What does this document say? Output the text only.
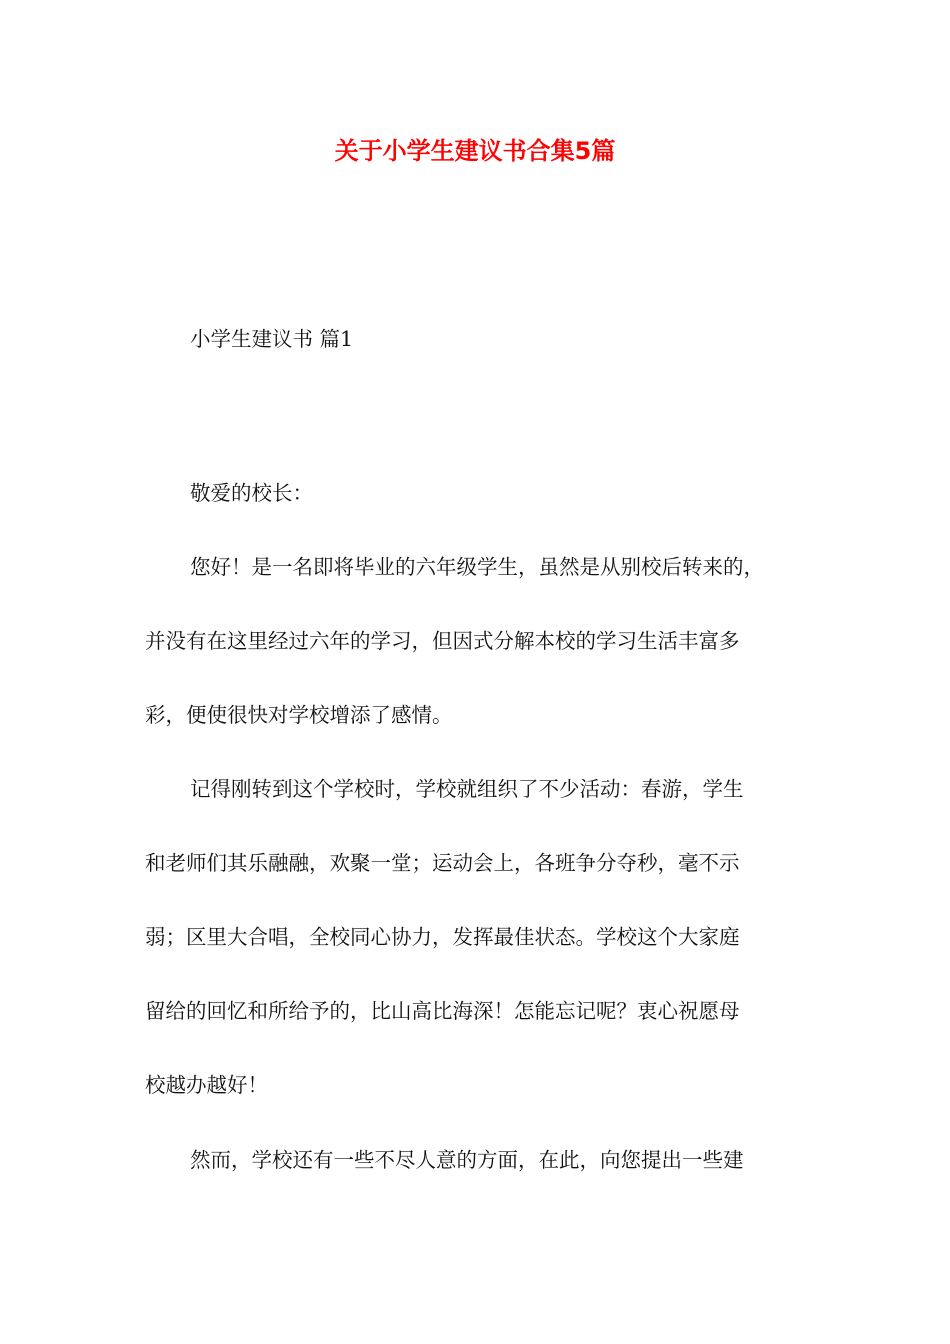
关于小学生建议书合集5篇

小学生建议书 篇1

敬爱的校长：

您好！是一名即将毕业的六年级学生，虽然是从别校后转来的，

并没有在这里经过六年的学习，但因式分解本校的学习生活丰富多

彩，便使很快对学校增添了感情。

记得刚转到这个学校时，学校就组织了不少活动：春游，学生

和老师们其乐融融，欢聚一堂；运动会上，各班争分夺秒，毫不示

弱；区里大合唱，全校同心协力，发挥最佳状态。学校这个大家庭

留给的回忆和所给予的，比山高比海深！怎能忘记呢？衷心祝愿母

校越办越好！

然而，学校还有一些不尽人意的方面，在此，向您提出一些建
